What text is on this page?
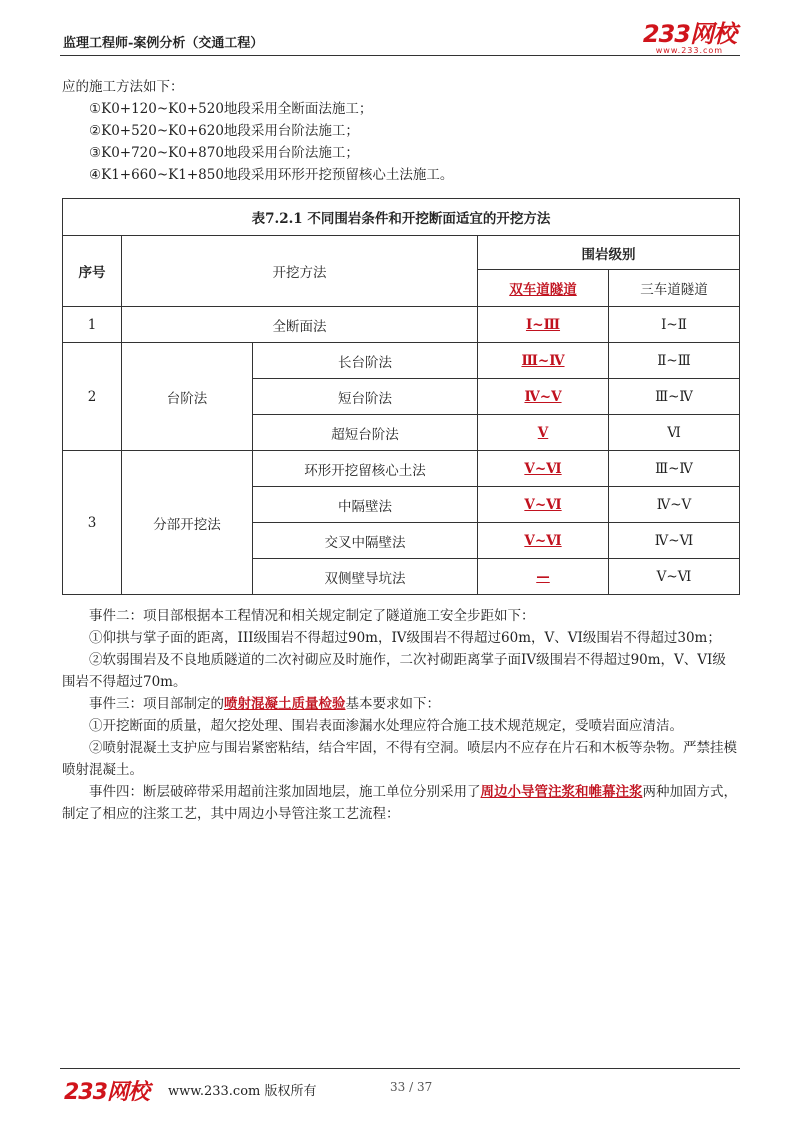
监理工程师-案例分析（交通工程）	233网校
www.233.com

应的施工方法如下：

①K0+120~K0+520地段采用全断面法施工；

②K0+520~K0+620地段采用台阶法施工；

③K0+720~K0+870地段采用台阶法施工；

④K1+660~K1+850地段采用环形开挖预留核心土法施工。

表7.2.1 不同围岩条件和开挖断面适宜的开挖方法				
序号	开挖方法		围岩级别	
			双车道隧道	三车道隧道
1	全断面法		Ⅰ~Ⅲ	Ⅰ~Ⅱ
2	台阶法	长台阶法	Ⅲ~Ⅳ	Ⅱ~Ⅲ
		短台阶法	Ⅳ~Ⅴ	Ⅲ~Ⅳ
		超短台阶法	Ⅴ	Ⅵ
3	分部开挖法	环形开挖留核心土法	Ⅴ~Ⅵ	Ⅲ~Ⅳ
		中隔壁法	Ⅴ~Ⅵ	Ⅳ~Ⅴ
		交叉中隔壁法	Ⅴ~Ⅵ	Ⅳ~Ⅵ
		双侧壁导坑法	—	Ⅴ~Ⅵ

事件二：项目部根据本工程情况和相关规定制定了隧道施工安全步距如下：

①仰拱与掌子面的距离，III级围岩不得超过90m，IV级围岩不得超过60m，V、VI级围岩不得超过30m；

②软弱围岩及不良地质隧道的二次衬砌应及时施作，二次衬砌距离掌子面IV级围岩不得超过90m，V、VI级围岩不得超过70m。

事件三：项目部制定的喷射混凝土质量检验基本要求如下：

①开挖断面的质量，超欠挖处理、围岩表面渗漏水处理应符合施工技术规范规定，受喷岩面应清洁。

②喷射混凝土支护应与围岩紧密粘结，结合牢固，不得有空洞。喷层内不应存在片石和木板等杂物。严禁挂模喷射混凝土。

事件四：断层破碎带采用超前注浆加固地层，施工单位分别采用了周边小导管注浆和帷幕注浆两种加固方式，制定了相应的注浆工艺，其中周边小导管注浆工艺流程：

233网校 www.233.com 版权所有	33 / 37
